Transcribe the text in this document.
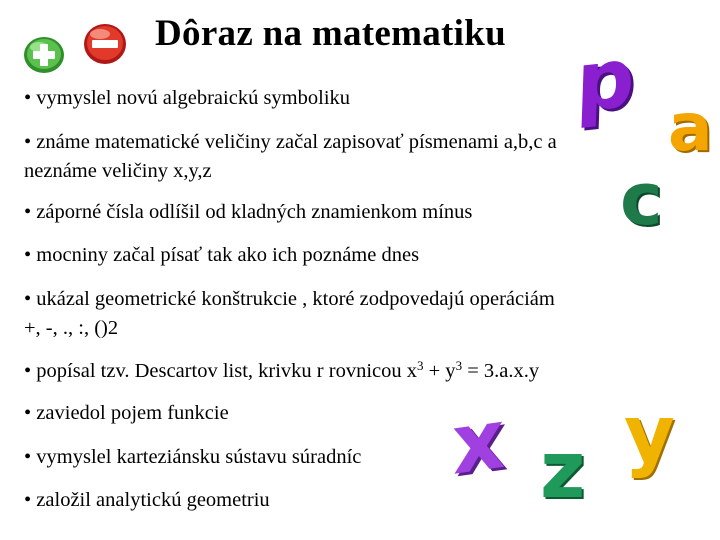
Dôraz na matematiku
• vymyslel novú algebraickú symboliku
• známe matematické veličiny začal zapisovať písmenami a,b,c a
neznáme veličiny x,y,z
• záporné čísla odlíšil od kladných znamienkom mínus
• mocniny začal písať tak ako ich poznáme dnes
• ukázal geometrické konštrukcie , ktoré zodpovedajú operáciám
+, -, ., :, ()2
• popísal tzv. Descartov list, krivku r rovnicou $x^3 + y^3 = 3.a.x.y$
• zaviedol pojem funkcie
• vymyslel karteziánsku sústavu súradníc
• založil analytickú geometriu
p a
c
x y
z
